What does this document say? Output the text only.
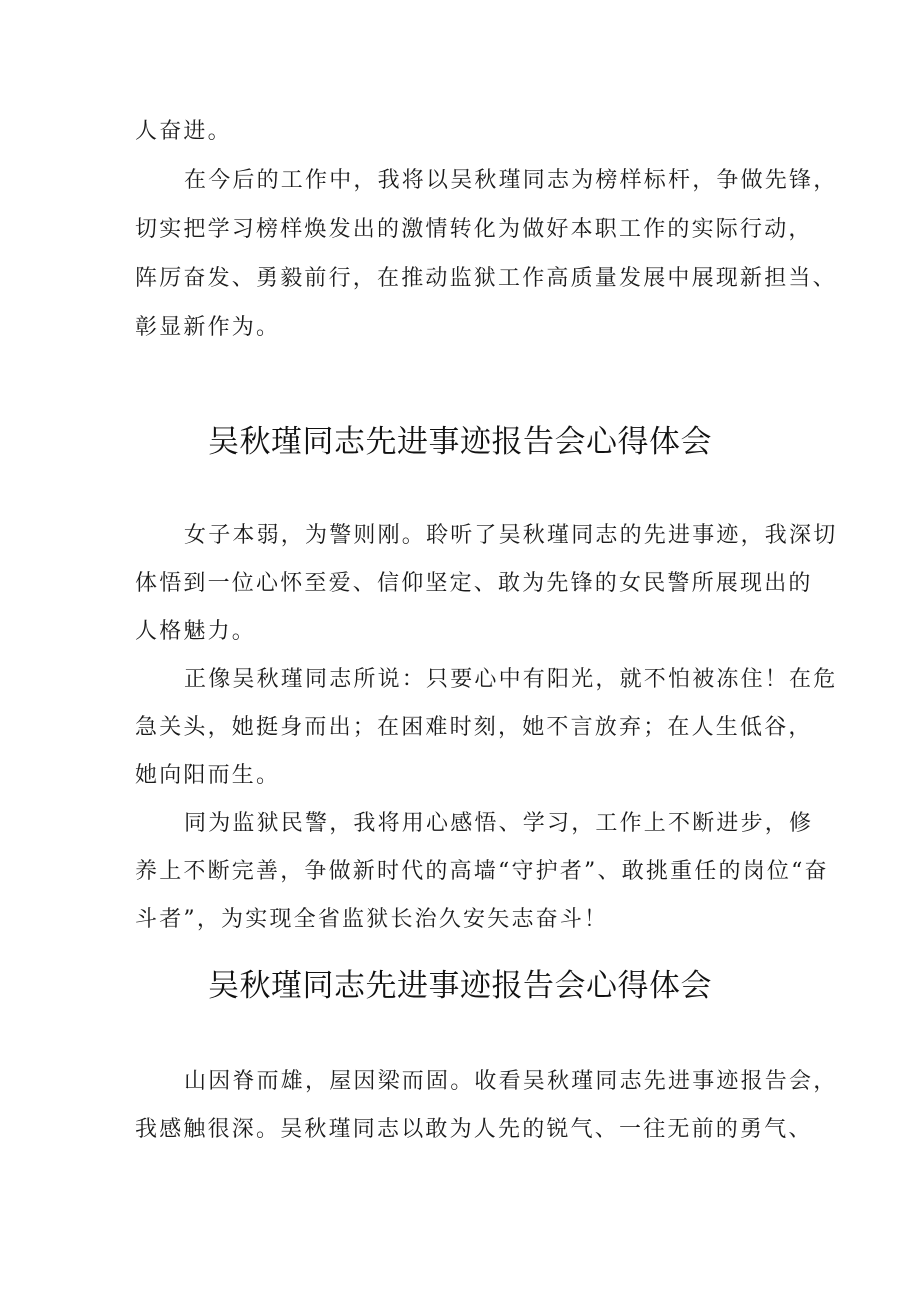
人奋进。
在今后的工作中，我将以吴秋瑾同志为榜样标杆，争做先锋，
切实把学习榜样焕发出的激情转化为做好本职工作的实际行动，
阵厉奋发、勇毅前行，在推动监狱工作高质量发展中展现新担当、
彰显新作为。
吴秋瑾同志先进事迹报告会心得体会
女子本弱，为警则刚。聆听了吴秋瑾同志的先进事迹，我深切
体悟到一位心怀至爱、信仰坚定、敢为先锋的女民警所展现出的
人格魅力。
正像吴秋瑾同志所说：只要心中有阳光，就不怕被冻住！在危
急关头，她挺身而出；在困难时刻，她不言放弃；在人生低谷，
她向阳而生。
同为监狱民警，我将用心感悟、学习，工作上不断进步，修
养上不断完善，争做新时代的高墙“守护者”、敢挑重任的岗位“奋
斗者”，为实现全省监狱长治久安矢志奋斗！
吴秋瑾同志先进事迹报告会心得体会
山因脊而雄，屋因梁而固。收看吴秋瑾同志先进事迹报告会，
我感触很深。吴秋瑾同志以敢为人先的锐气、一往无前的勇气、
